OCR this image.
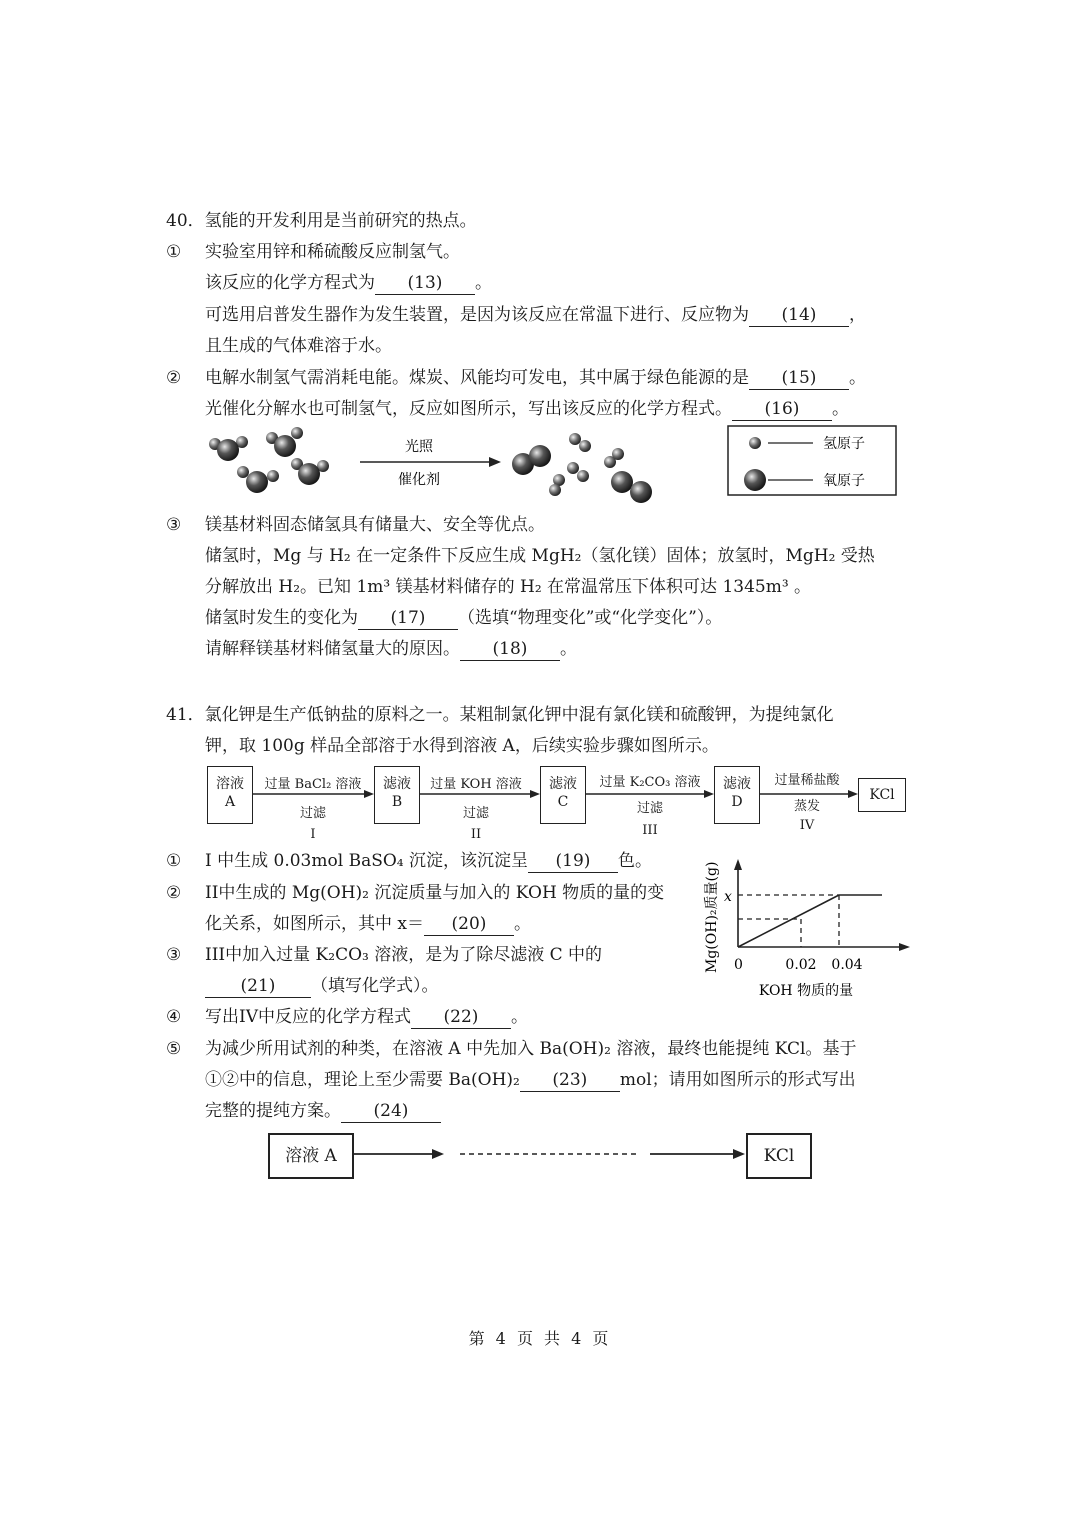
40．氢能的开发利用是当前研究的热点。
① 实验室用锌和稀硫酸反应制氢气。
该反应的化学方程式为 (13) 。
可选用启普发生器作为发生装置，是因为该反应在常温下进行、反应物为 (14) ，
且生成的气体难溶于水。
② 电解水制氢气需消耗电能。煤炭、风能均可发电，其中属于绿色能源的是 (15) 。
光催化分解水也可制氢气，反应如图所示，写出该反应的化学方程式。 (16) 。
光照
催化剂
氢原子
氧原子
③ 镁基材料固态储氢具有储量大、安全等优点。
储氢时，Mg 与 H₂ 在一定条件下反应生成 MgH₂（氢化镁）固体；放氢时，MgH₂ 受热
分解放出 H₂。已知 1m³ 镁基材料储存的 H₂ 在常温常压下体积可达 1345m³ 。
储氢时发生的变化为 (17) （选填“物理变化”或“化学变化”）。
请解释镁基材料储氢量大的原因。 (18) 。
41．氯化钾是生产低钠盐的原料之一。某粗制氯化钾中混有氯化镁和硫酸钾，为提纯氯化
钾，取 100g 样品全部溶于水得到溶液 A，后续实验步骤如图所示。
溶液
A
滤液
B
滤液
C
滤液
D	KCl
过量 BaCl₂ 溶液
过滤
I
过量 KOH 溶液
过滤
II
过量 K₂CO₃ 溶液
过滤
III
过量稀盐酸
蒸发
IV
① I 中生成 0.03mol BaSO₄ 沉淀，该沉淀呈 (19) 色。
② II中生成的 Mg(OH)₂ 沉淀质量与加入的 KOH 物质的量的变
化关系，如图所示，其中 x＝ (20) 。
③ III中加入过量 K₂CO₃ 溶液，是为了除尽滤液 C 中的
(21) （填写化学式）。
Mg(OH)₂质量(g) x
0	0.02 0.04
KOH 物质的量
④ 写出IV中反应的化学方程式 (22) 。
⑤ 为减少所用试剂的种类，在溶液 A 中先加入 Ba(OH)₂ 溶液，最终也能提纯 KCl。基于
①②中的信息，理论上至少需要 Ba(OH)₂ (23) mol；请用如图所示的形式写出
完整的提纯方案。 (24)
溶液 A	KCl
第 4 页 共 4 页
